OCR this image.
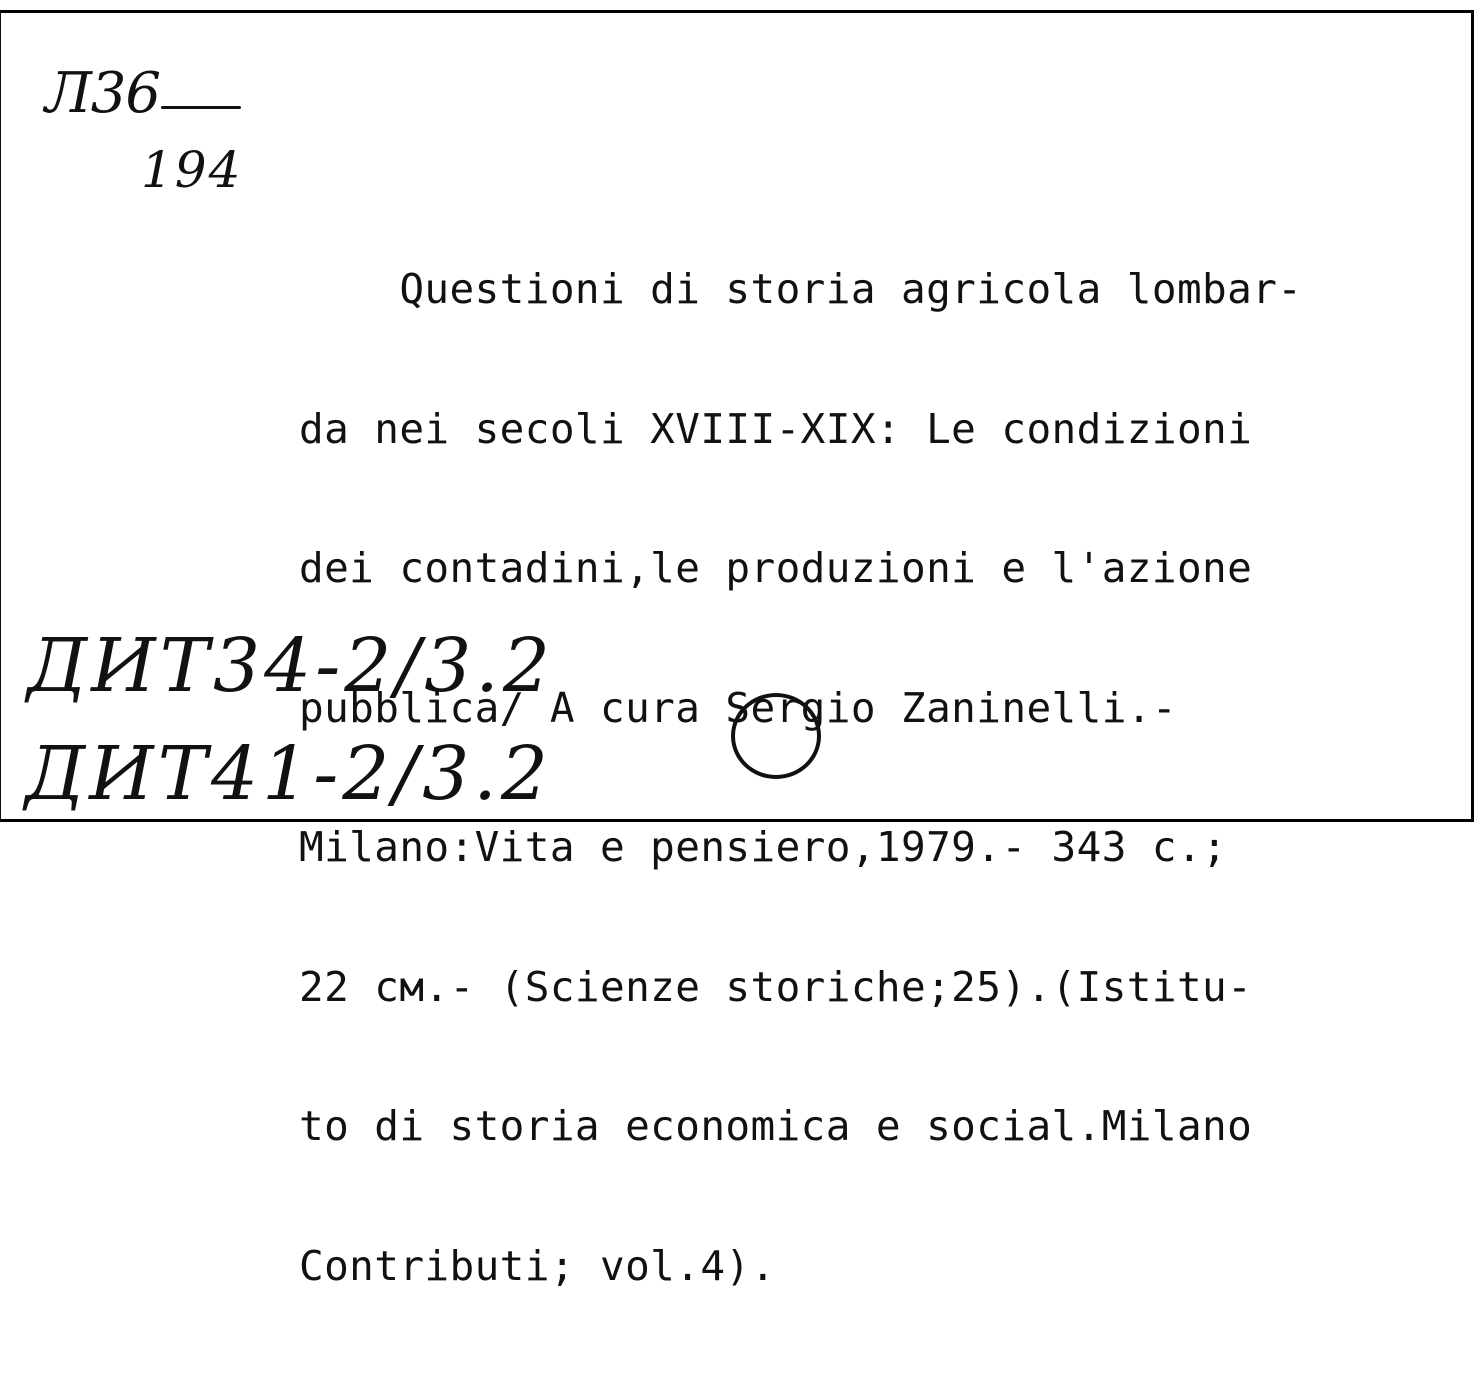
Л36
194

Questioni di storia agricola lombar-

da nei secoli XVIII-XIX: Le condizioni

dei contadini,le produzioni e l'azione

pubblica/ A cura Sergio Zaninelli.-

Milano:Vita e pensiero,1979.- 343 c.;

22 см.- (Scienze storiche;25).(Istitu-

to di storia economica e social.Milano

Contributi; vol.4).

ДИТ34-2/3.2
ДИТ41-2/3.2
